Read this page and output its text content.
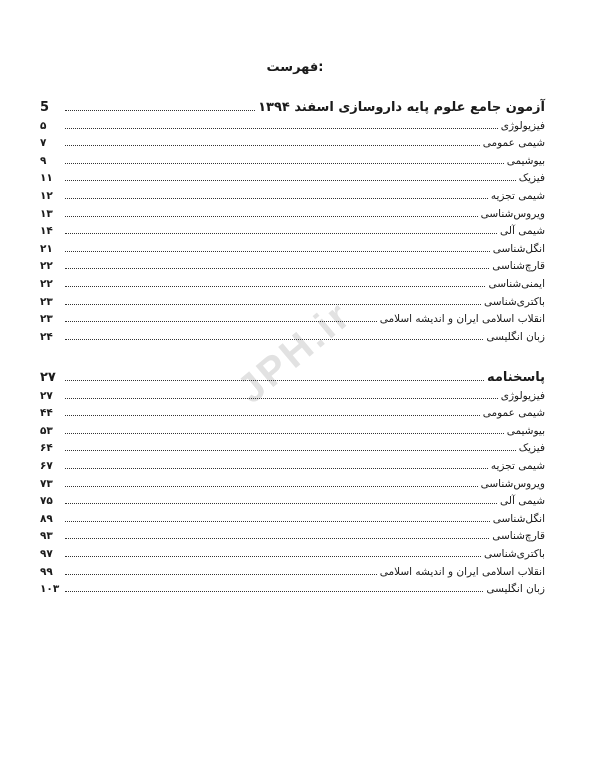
JPH.ir
فهرست:
آزمون جامع علوم پایه داروسازی اسفند ۱۳۹۴
5
فیزیولوژی
۵
شیمی عمومی
۷
بیوشیمی
۹
فیزیک
۱۱
شیمی تجزیه
۱۲
ویروس‌شناسی
۱۳
شیمی آلی
۱۴
انگل‌شناسی
۲۱
قارچ‌شناسی
۲۲
ایمنی‌شناسی
۲۲
باکتری‌شناسی
۲۳
انقلاب اسلامی ایران و اندیشه اسلامی
۲۳
زبان انگلیسی
۲۴
پاسخنامه
۲۷
فیزیولوژی
۲۷
شیمی عمومی
۴۴
بیوشیمی
۵۳
فیزیک
۶۴
شیمی تجزیه
۶۷
ویروس‌شناسی
۷۳
شیمی آلی
۷۵
انگل‌شناسی
۸۹
قارچ‌شناسی
۹۳
باکتری‌شناسی
۹۷
انقلاب اسلامی ایران و اندیشه اسلامی
۹۹
زبان انگلیسی
۱۰۳
